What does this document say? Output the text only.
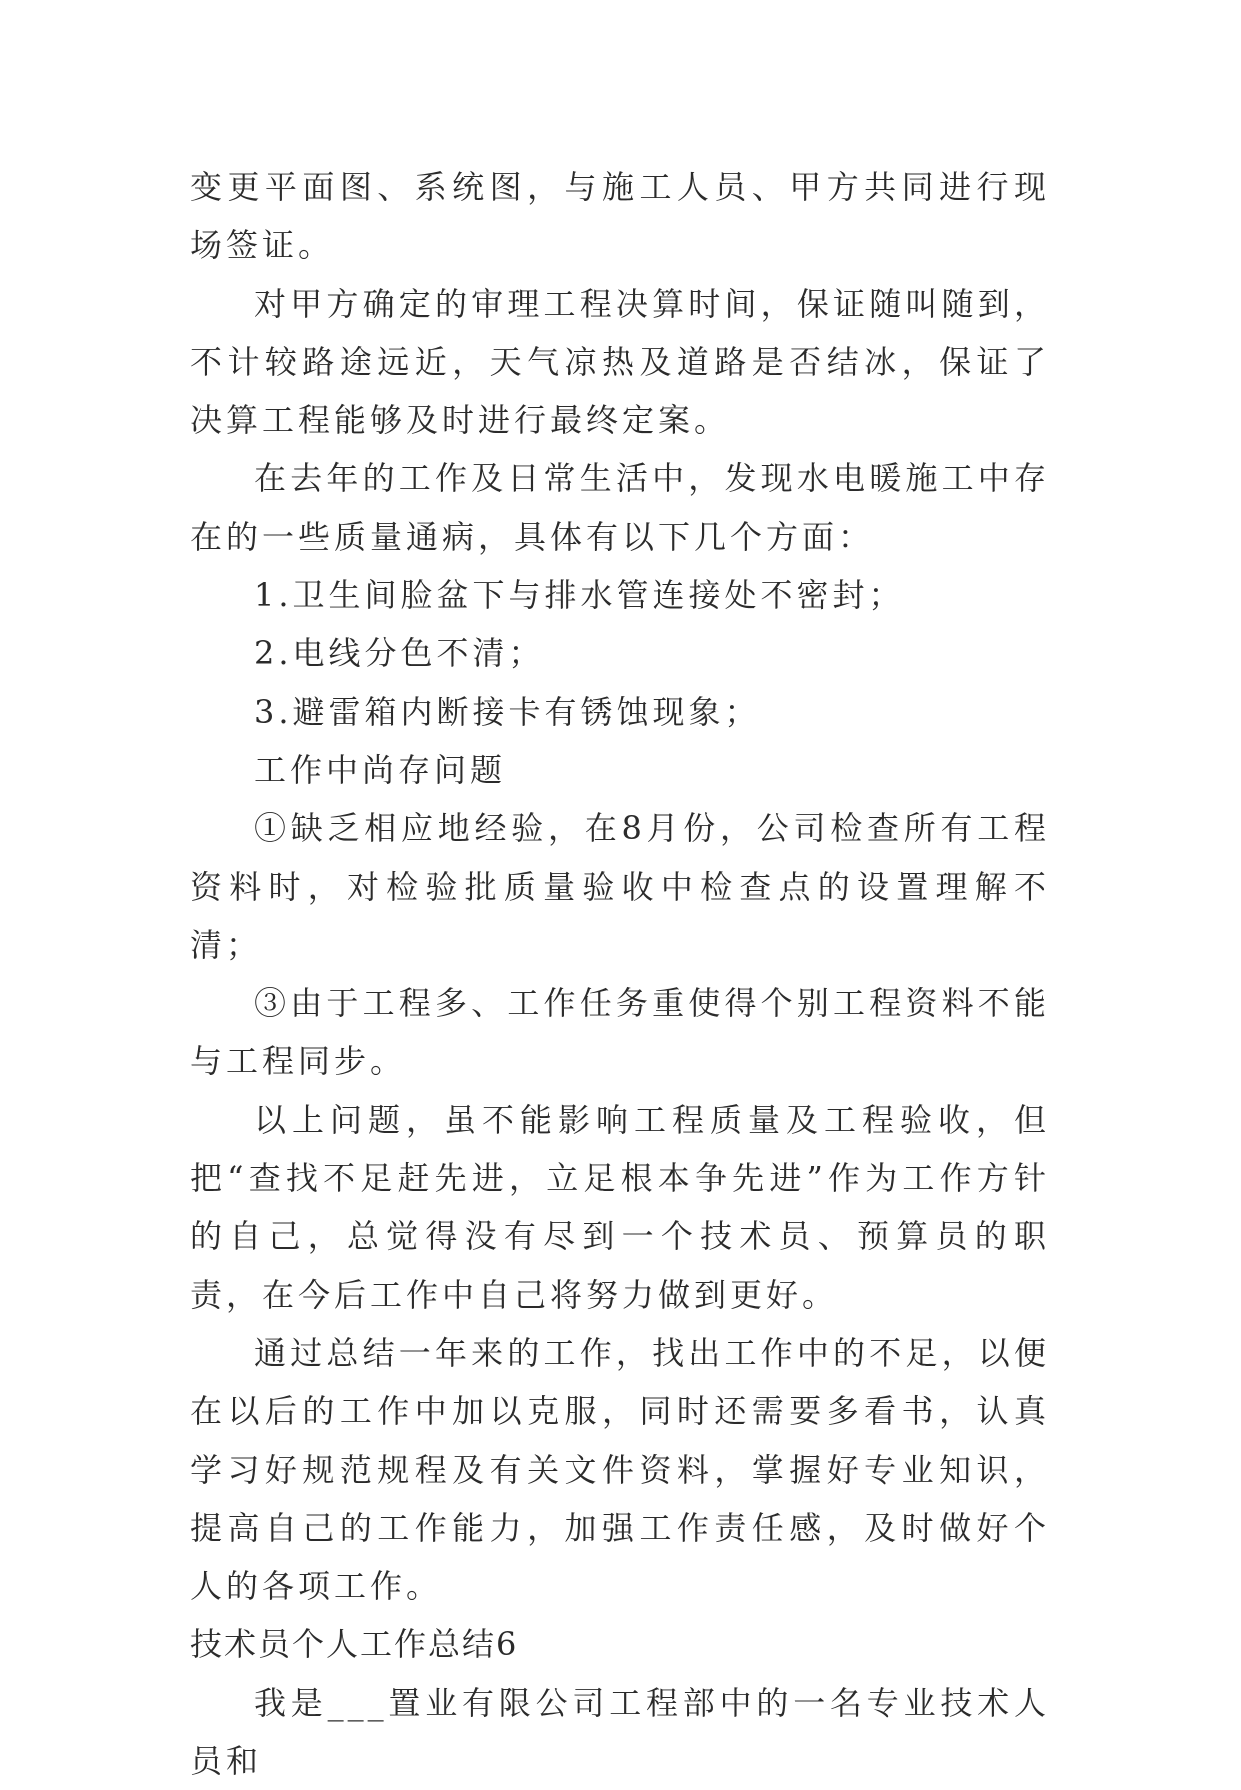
变更平面图、系统图，与施工人员、甲方共同进行现场签证。

对甲方确定的审理工程决算时间，保证随叫随到，不计较路途远近，天气凉热及道路是否结冰，保证了决算工程能够及时进行最终定案。

在去年的工作及日常生活中，发现水电暖施工中存在的一些质量通病，具体有以下几个方面：

1.卫生间脸盆下与排水管连接处不密封；

2.电线分色不清；

3.避雷箱内断接卡有锈蚀现象；

工作中尚存问题

①缺乏相应地经验，在8月份，公司检查所有工程资料时，对检验批质量验收中检查点的设置理解不清；

③由于工程多、工作任务重使得个别工程资料不能与工程同步。

以上问题，虽不能影响工程质量及工程验收，但把“查找不足赶先进，立足根本争先进”作为工作方针的自己，总觉得没有尽到一个技术员、预算员的职责，在今后工作中自己将努力做到更好。

通过总结一年来的工作，找出工作中的不足，以便在以后的工作中加以克服，同时还需要多看书，认真学习好规范规程及有关文件资料，掌握好专业知识，提高自己的工作能力，加强工作责任感，及时做好个人的各项工作。

技术员个人工作总结6

我是___置业有限公司工程部中的一名专业技术人员和
